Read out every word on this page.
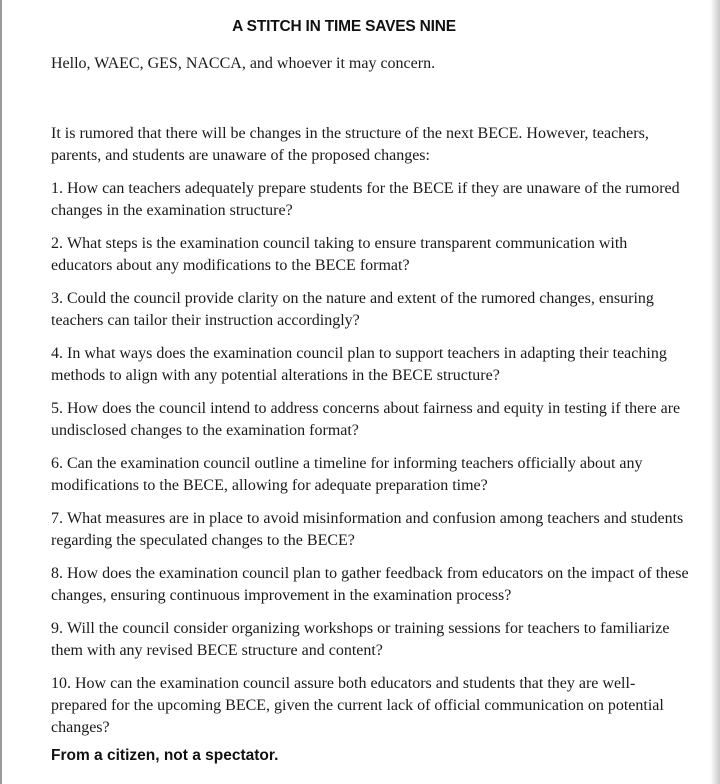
A STITCH IN TIME SAVES NINE
Hello, WAEC, GES, NACCA, and whoever it may concern.
It is rumored that there will be changes in the structure of the next BECE. However, teachers, parents, and students are unaware of the proposed changes:
1. How can teachers adequately prepare students for the BECE if they are unaware of the rumored changes in the examination structure?
2. What steps is the examination council taking to ensure transparent communication with educators about any modifications to the BECE format?
3. Could the council provide clarity on the nature and extent of the rumored changes, ensuring teachers can tailor their instruction accordingly?
4. In what ways does the examination council plan to support teachers in adapting their teaching methods to align with any potential alterations in the BECE structure?
5. How does the council intend to address concerns about fairness and equity in testing if there are undisclosed changes to the examination format?
6. Can the examination council outline a timeline for informing teachers officially about any modifications to the BECE, allowing for adequate preparation time?
7. What measures are in place to avoid misinformation and confusion among teachers and students regarding the speculated changes to the BECE?
8. How does the examination council plan to gather feedback from educators on the impact of these changes, ensuring continuous improvement in the examination process?
9. Will the council consider organizing workshops or training sessions for teachers to familiarize them with any revised BECE structure and content?
10. How can the examination council assure both educators and students that they are well-prepared for the upcoming BECE, given the current lack of official communication on potential changes?
From a citizen, not a spectator.
